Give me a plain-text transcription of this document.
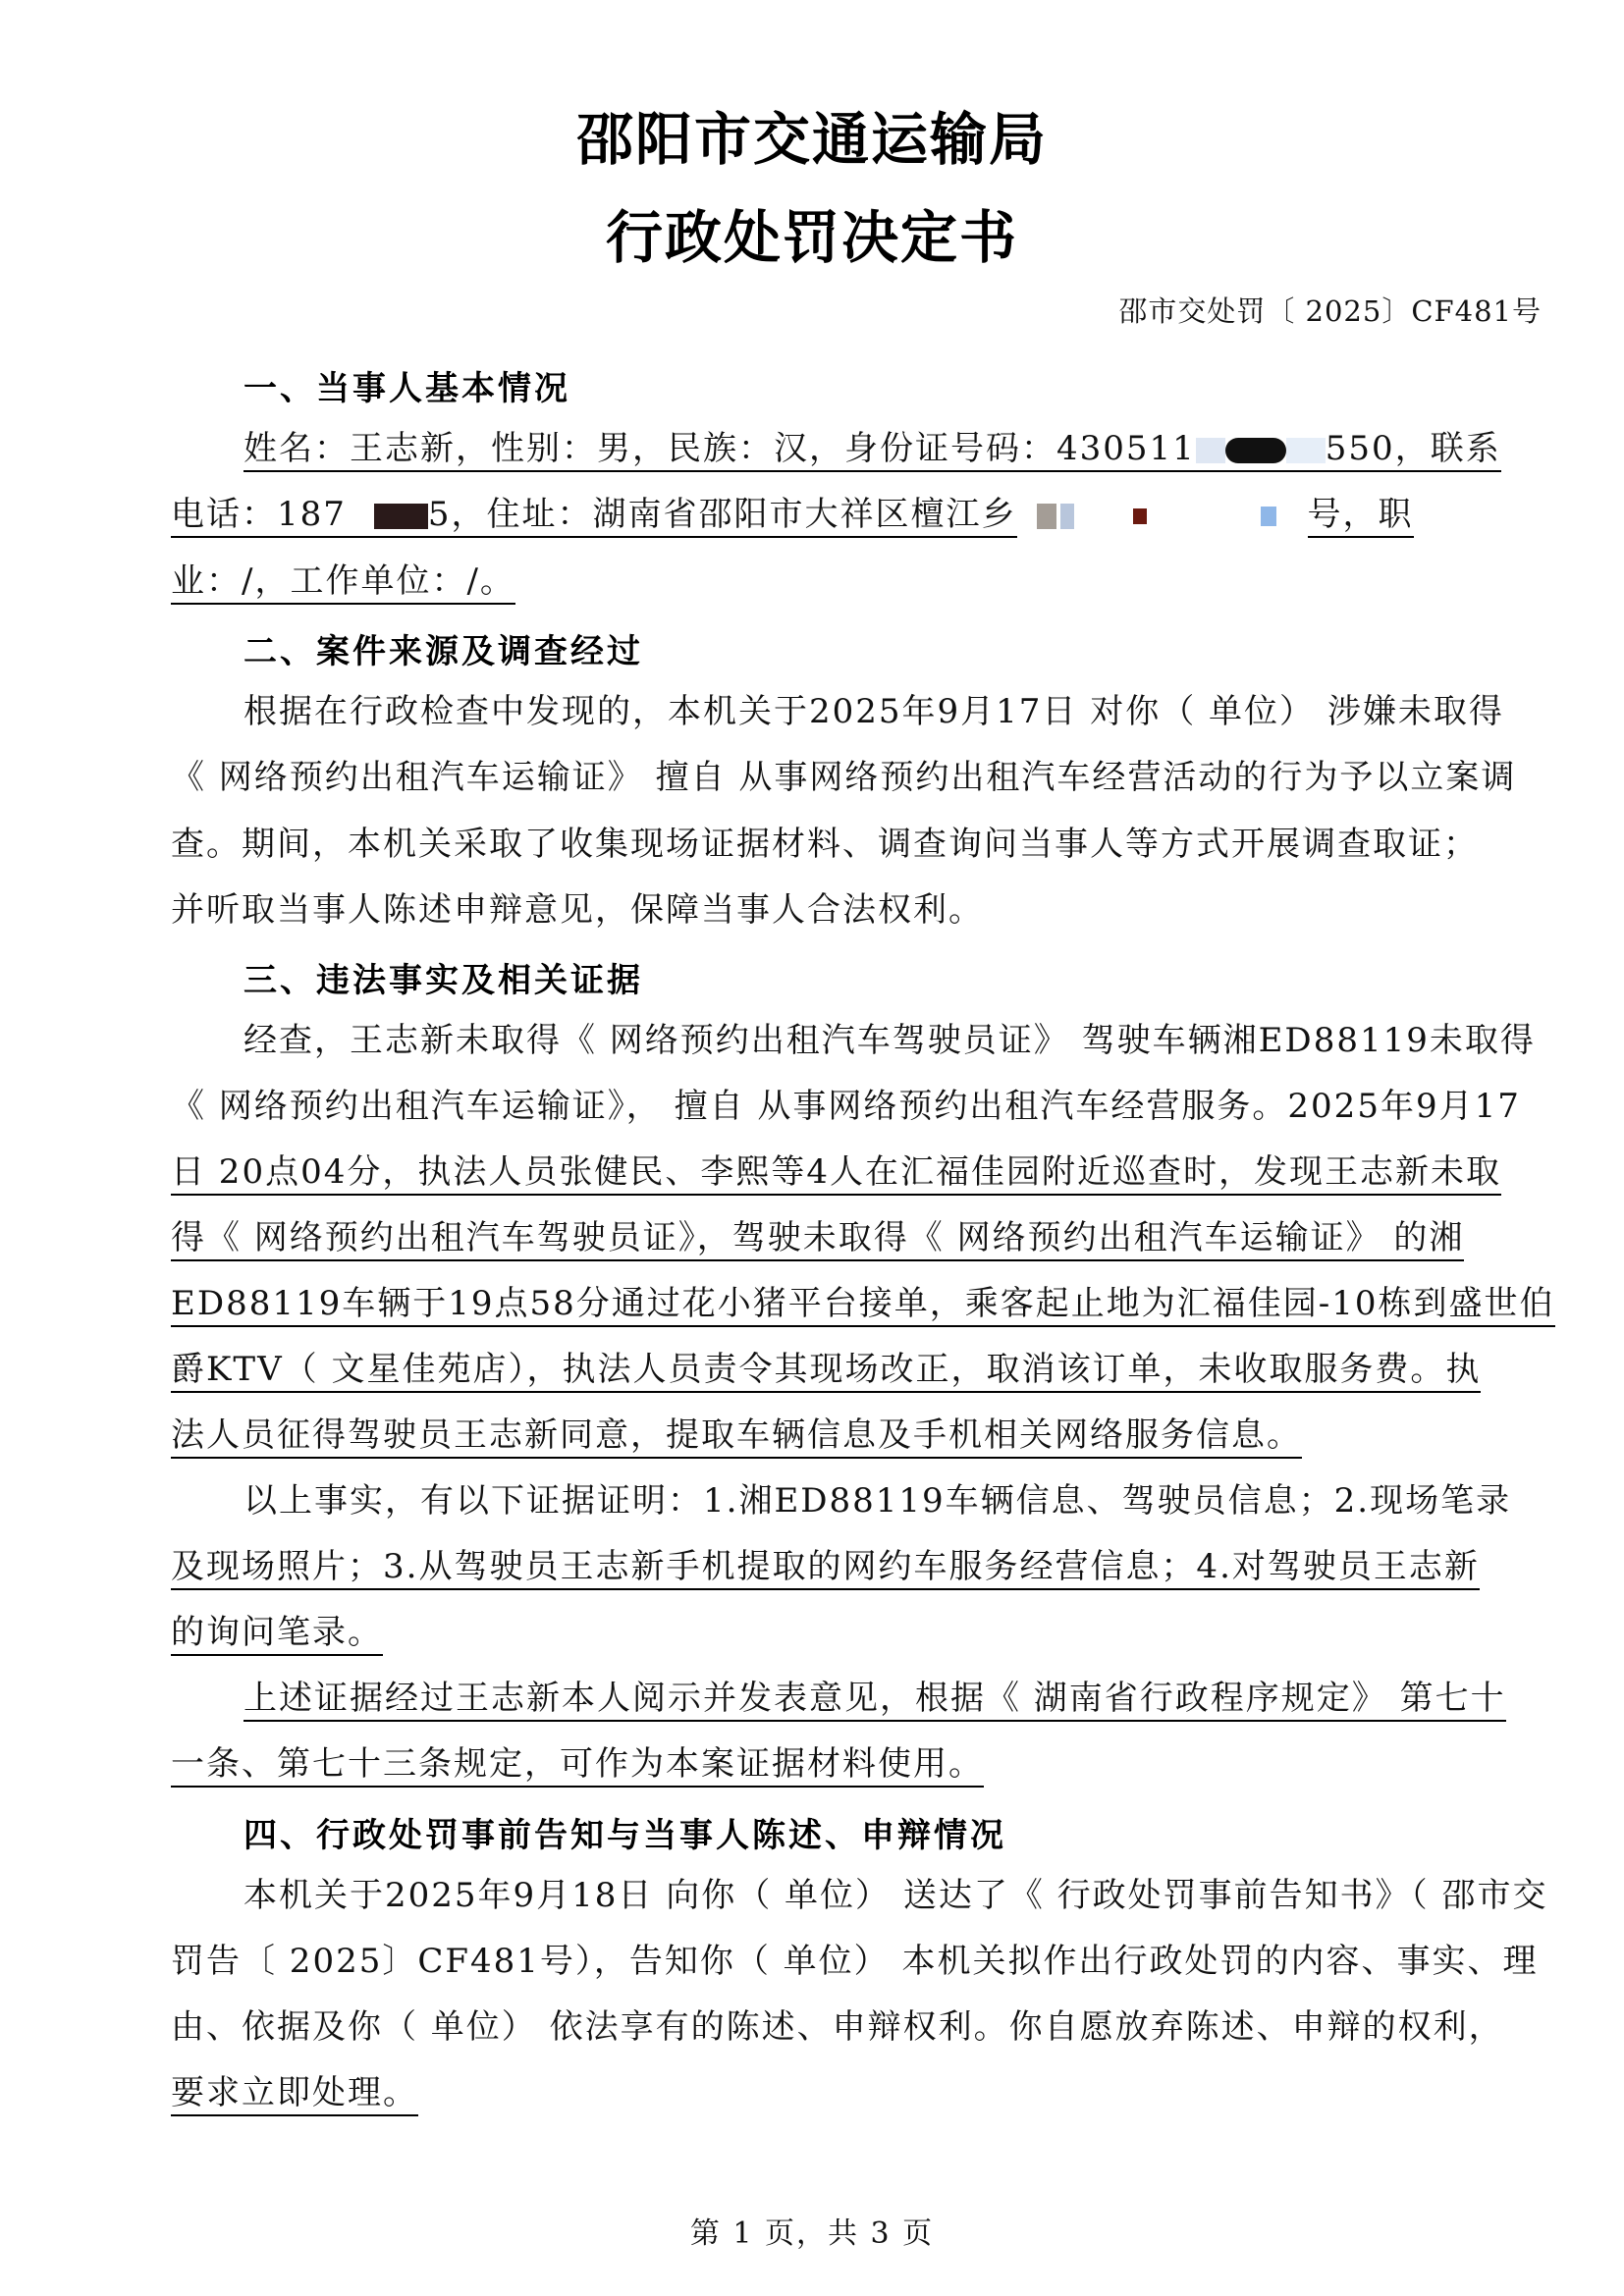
邵阳市交通运输局
行政处罚决定书
邵市交处罚〔 2025〕CF481号
一、当事人基本情况
姓名：王志新，性别：男，民族：汉，身份证号码：430511	550，联系
电话：187 5，住址：湖南省邵阳市大祥区檀江乡	号，职
业：/，工作单位：/。
二、案件来源及调查经过
根据在行政检查中发现的，本机关于2025年9月17日 对你（ 单位） 涉嫌未取得
《 网络预约出租汽车运输证》 擅自 从事网络预约出租汽车经营活动的行为予以立案调
查。期间，本机关采取了收集现场证据材料、调查询问当事人等方式开展调查取证；
并听取当事人陈述申辩意见，保障当事人合法权利。
三、违法事实及相关证据
经查，王志新未取得《 网络预约出租汽车驾驶员证》 驾驶车辆湘ED88119未取得
《 网络预约出租汽车运输证》， 擅自 从事网络预约出租汽车经营服务。2025年9月17
日 20点04分，执法人员张健民、李熙等4人在汇福佳园附近巡查时，发现王志新未取
得《 网络预约出租汽车驾驶员证》，驾驶未取得《 网络预约出租汽车运输证》 的湘
ED88119车辆于19点58分通过花小猪平台接单，乘客起止地为汇福佳园-10栋到盛世伯
爵KTV（ 文星佳苑店），执法人员责令其现场改正，取消该订单，未收取服务费。执
法人员征得驾驶员王志新同意，提取车辆信息及手机相关网络服务信息。
以上事实，有以下证据证明：1.湘ED88119车辆信息、驾驶员信息；2.现场笔录
及现场照片；3.从驾驶员王志新手机提取的网约车服务经营信息；4.对驾驶员王志新
的询问笔录。
上述证据经过王志新本人阅示并发表意见，根据《 湖南省行政程序规定》 第七十
一条、第七十三条规定，可作为本案证据材料使用。
四、行政处罚事前告知与当事人陈述、申辩情况
本机关于2025年9月18日 向你（ 单位） 送达了《 行政处罚事前告知书》（ 邵市交
罚告〔 2025〕CF481号），告知你（ 单位） 本机关拟作出行政处罚的内容、事实、理
由、依据及你（ 单位） 依法享有的陈述、申辩权利。你自愿放弃陈述、申辩的权利，
要求立即处理。
第 1 页，共 3 页
